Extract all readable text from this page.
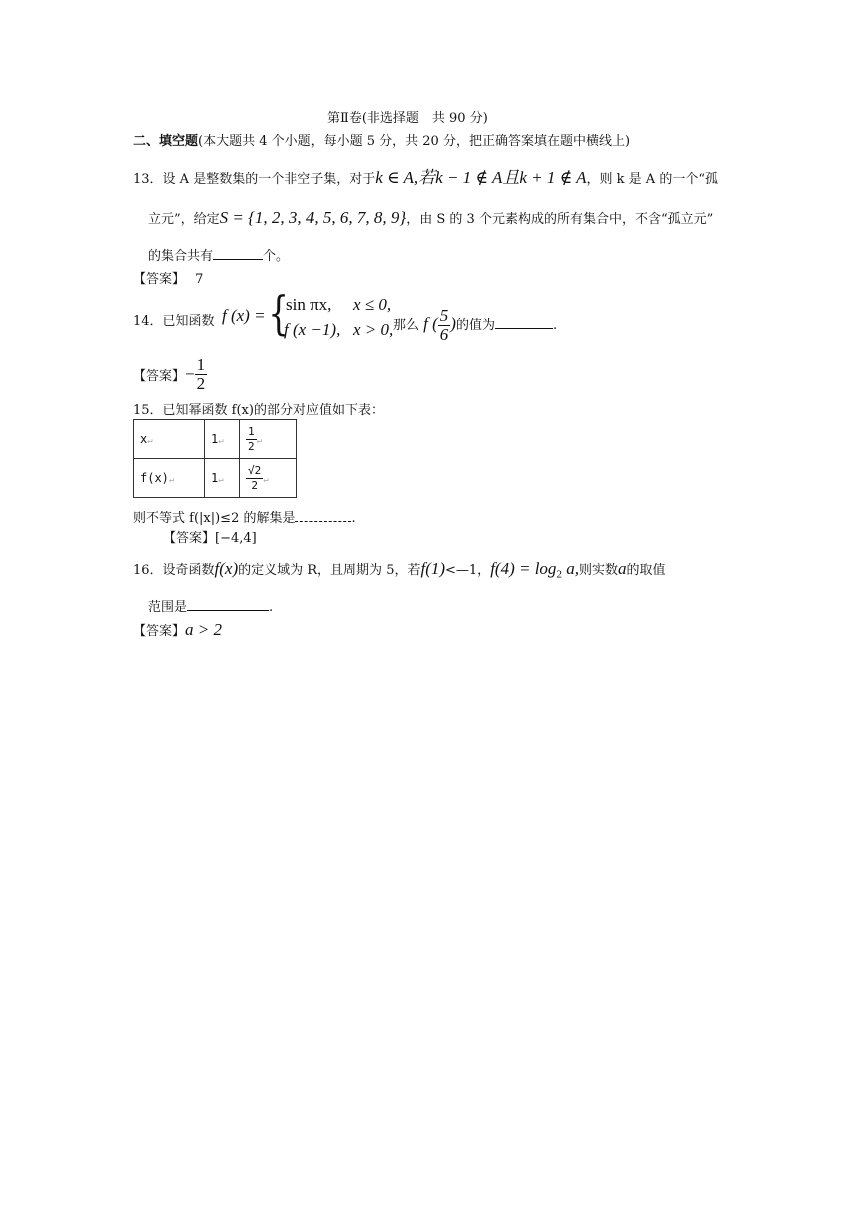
第Ⅱ卷(非选择题　共 90 分)
二、填空题(本大题共 4 个小题，每小题 5 分，共 20 分，把正确答案填在题中横线上)
13．设 A 是整数集的一个非空子集，对于k ∈ A,若k − 1 ∉ A且k + 1 ∉ A，则 k 是 A 的一个“孤
立元”，给定S = {1, 2, 3, 4, 5, 6, 7, 8, 9}，由 S 的 3 个元素构成的所有集合中，不含“孤立元”
的集合共有	个。
【答案】 7
14．已知函数 f (x) = {
sin πx, x ≤ 0,
f (x −1), x > 0, 那么 f ( $\frac{5}{6}$ )的值为	.
【答案】− $\frac{1}{2}$
15．已知幂函数 f(x)的部分对应值如下表：
x↵	1↵	$\frac{1}{2}$ ↵
f(x)↵	1↵	$\frac{√2}{2}$ ↵
则不等式 f(|x|)≤2 的解集是	.
【答案】[−4,4]
16．设奇函数f(x)的定义域为 R，且周期为 5，若f(1)<—1，$f(4) = \log_2 a$,则实数a的取值
范围是	.
【答案】a > 2
